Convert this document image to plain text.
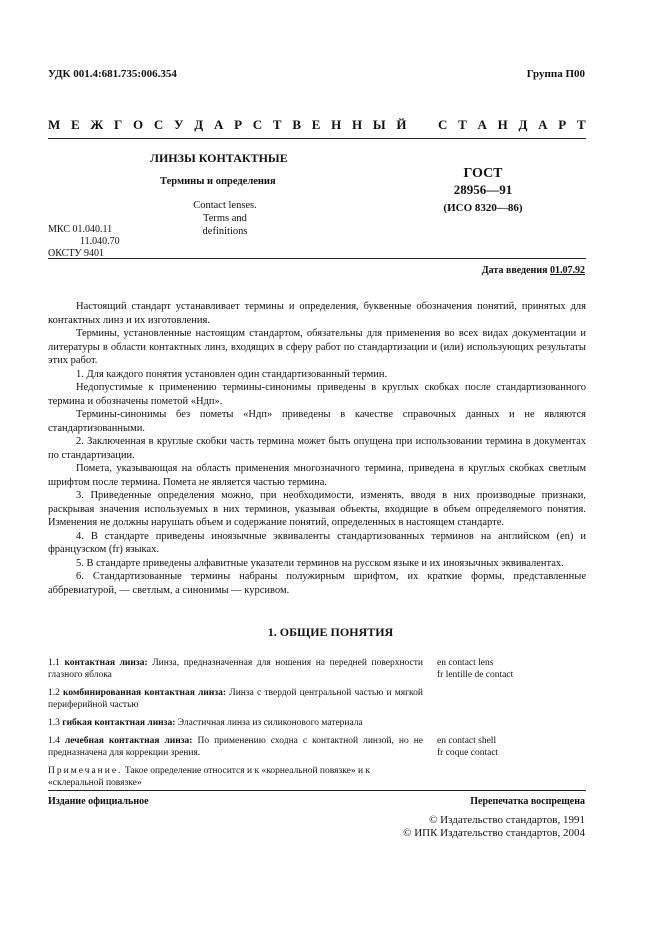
УДК 001.4:681.735:006.354	Группа П00
М Е Ж Г О С У Д А Р С Т В Е Н Н Ы Й С Т А Н Д А Р Т
ЛИНЗЫ КОНТАКТНЫЕ
Термины и определения
Contact lenses.
Terms and definitions
ГОСТ
28956—91
(ИСО 8320—86)
МКС 01.040.11
11.040.70
ОКСТУ 9401
Дата введения 01.07.92

Настоящий стандарт устанавливает термины и определения, буквенные обозначения понятий, принятых для контактных линз и их изготовления.

Термины, установленные настоящим стандартом, обязательны для применения во всех видах документации и литературы в области контактных линз, входящих в сферу работ по стандартизации и (или) использующих результаты этих работ.

1. Для каждого понятия установлен один стандартизованный термин.

Недопустимые к применению термины-синонимы приведены в круглых скобках после стандартизованного термина и обозначены пометой «Ндп».

Термины-синонимы без пометы «Ндп» приведены в качестве справочных данных и не являются стандартизованными.

2. Заключенная в круглые скобки часть термина может быть опущена при использовании термина в документах по стандартизации.

Помета, указывающая на область применения многозначного термина, приведена в круглых скобках светлым шрифтом после термина. Помета не является частью термина.

3. Приведенные определения можно, при необходимости, изменять, вводя в них производные признаки, раскрывая значения используемых в них терминов, указывая объекты, входящие в объем определяемого понятия. Изменения не должны нарушать объем и содержание понятий, определенных в настоящем стандарте.

4. В стандарте приведены иноязычные эквиваленты стандартизованных терминов на английском (en) и французском (fr) языках.

5. В стандарте приведены алфавитные указатели терминов на русском языке и их иноязычных эквивалентах.

6. Стандартизованные термины набраны полужирным шрифтом, их краткие формы, представленные аббревиатурой, — светлым, а синонимы — курсивом.

1. ОБЩИЕ ПОНЯТИЯ
1.1 контактная линза: Линза, предназначенная для ношения на передней поверхности глазного яблока
en contact lens
fr lentille de contact
1.2 комбинированная контактная линза: Линза с твердой центральной частью и мягкой периферийной частью
1.3 гибкая контактная линза: Эластичная линза из силиконового материала
1.4 лечебная контактная линза: По применению сходна с контактной линзой, но не предназначена для коррекции зрения.
en contact shell
fr coque contact
Примечание. Такое определение относится и к «корнеальной повязке» и к «склеральной повязке»
Издание официальное	Перепечатка воспрещена
© Издательство стандартов, 1991
© ИПК Издательство стандартов, 2004
